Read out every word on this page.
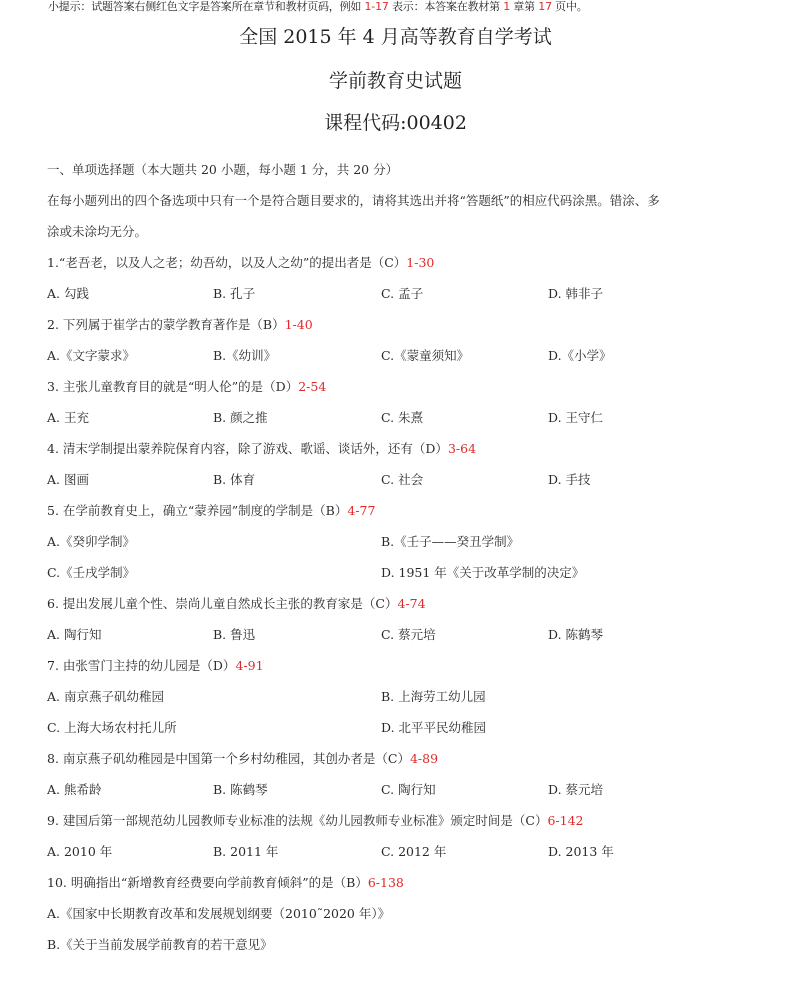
小提示：试题答案右侧红色文字是答案所在章节和教材页码，例如 1-17 表示：本答案在教材第 1 章第 17 页中。
全国 2015 年 4 月高等教育自学考试
学前教育史试题
课程代码:00402
一、单项选择题（本大题共 20 小题，每小题 1 分，共 20 分）
在每小题列出的四个备选项中只有一个是符合题目要求的，请将其选出并将“答题纸”的相应代码涂黑。错涂、多
涂或未涂均无分。
1.“老吾老，以及人之老；幼吾幼，以及人之幼”的提出者是（C）1-30
A. 勾践	B. 孔子	C. 孟子	D. 韩非子
2. 下列属于崔学古的蒙学教育著作是（B）1-40
A.《文字蒙求》	B.《幼训》	C.《蒙童须知》	D.《小学》
3. 主张儿童教育目的就是“明人伦”的是（D）2-54
A. 王充	B. 颜之推	C. 朱熹	D. 王守仁
4. 清末学制提出蒙养院保育内容，除了游戏、歌谣、谈话外，还有（D）3-64
A. 图画	B. 体育	C. 社会	D. 手技
5. 在学前教育史上，确立“蒙养园”制度的学制是（B）4-77
A.《癸卯学制》	B.《壬子——癸丑学制》
C.《壬戌学制》	D. 1951 年《关于改革学制的决定》
6. 提出发展儿童个性、崇尚儿童自然成长主张的教育家是（C）4-74
A. 陶行知	B. 鲁迅	C. 蔡元培	D. 陈鹤琴
7. 由张雪门主持的幼儿园是（D）4-91
A. 南京燕子矶幼稚园	B. 上海劳工幼儿园
C. 上海大场农村托儿所	D. 北平平民幼稚园
8. 南京燕子矶幼稚园是中国第一个乡村幼稚园，其创办者是（C）4-89
A. 熊希龄	B. 陈鹤琴	C. 陶行知	D. 蔡元培
9. 建国后第一部规范幼儿园教师专业标准的法规《幼儿园教师专业标准》颁定时间是（C）6-142
A. 2010 年	B. 2011 年	C. 2012 年	D. 2013 年
10. 明确指出“新增教育经费要向学前教育倾斜”的是（B）6-138
A.《国家中长期教育改革和发展规划纲要（2010˜2020 年）》
B.《关于当前发展学前教育的若干意见》
